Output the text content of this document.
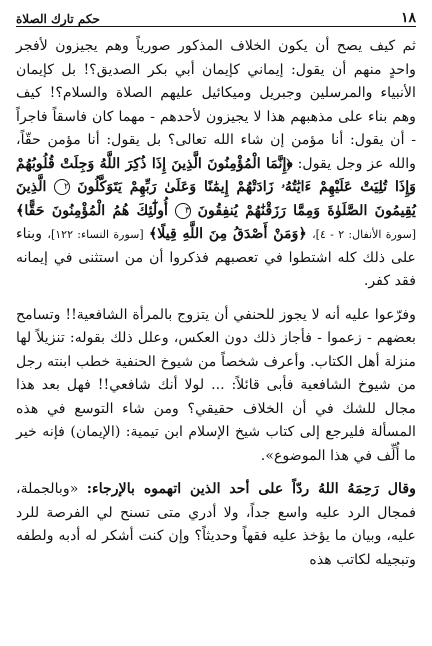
١٨
حكم تارك الصلاة

ثم كيف يصح أن يكون الخلاف المذكور صورياً وهم يجيزون لأفجر واحدٍ منهم أن يقول: إيماني كإيمان أبي بكر الصديق؟! بل كإيمان الأنبياء والمرسلين وجبريل وميكائيل عليهم الصلاة والسلام؟! كيف وهم بناء على مذهبهم هذا لا يجيزون لأحدهم - مهما كان فاسقاً فاجراً - أن يقول: أنا مؤمن إن شاء الله تعالى؟ بل يقول: أنا مؤمن حقّاً، والله عز وجل يقول: ﴿إِنَّمَا الْمُؤْمِنُونَ الَّذِينَ إِذَا ذُكِرَ اللَّهُ وَجِلَتْ قُلُوبُهُمْ وَإِذَا تُلِيَتْ عَلَيْهِمْ ءَايَٰتُهُۥ زَادَتْهُمْ إِيمَٰنًا وَعَلَىٰ رَبِّهِمْ يَتَوَكَّلُونَ ٢ الَّذِينَ يُقِيمُونَ الصَّلَوٰةَ وَمِمَّا رَزَقْنَٰهُمْ يُنفِقُونَ ٣ أُولَٰٓئِكَ هُمُ الْمُؤْمِنُونَ حَقًّا﴾ [سورة الأنفال: ٢ - ٤]، ﴿وَمَنْ أَصْدَقُ مِنَ اللَّهِ قِيلًا﴾ [سورة النساء: ١٢٢]، وبناء على ذلك كله اشتطوا في تعصبهم فذكروا أن من استثنى في إيمانه فقد كفر.

وفرّعوا عليه أنه لا يجوز للحنفي أن يتزوج بالمرأة الشافعية!! وتسامح بعضهم - زعموا - فأجاز ذلك دون العكس، وعلل ذلك بقوله: تنزيلاً لها منزلة أهل الكتاب. وأعرف شخصاً من شيوخ الحنفية خطب ابنته رجل من شيوخ الشافعية فأبى قائلاً: ... لولا أنك شافعي!! فهل بعد هذا مجال للشك في أن الخلاف حقيقي؟ ومن شاء التوسع في هذه المسألة فليرجع إلى كتاب شيخ الإسلام ابن تيمية: (الإيمان) فإنه خير ما أُلِّف في هذا الموضوع».

وقال رَحِمَهُ اللهُ ردّاً على أحد الذين اتهموه بالإرجاء: «وبالجملة، فمجال الرد عليه واسع جداً، ولا أدري متى تسنح لي الفرصة للرد عليه، وبيان ما يؤخذ عليه فقهاً وحديثاً؟ وإن كنت أشكر له أدبه ولطفه وتبجيله لكاتب هذه
